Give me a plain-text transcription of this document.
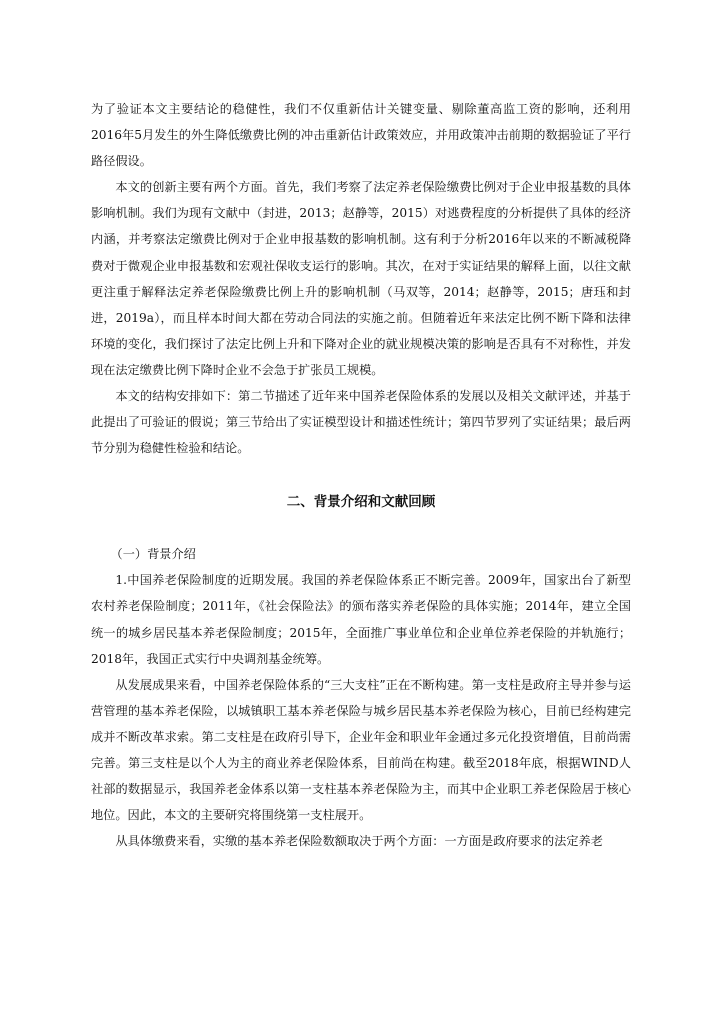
为了验证本文主要结论的稳健性，我们不仅重新估计关键变量、剔除董高监工资的影响，还利用2016年5月发生的外生降低缴费比例的冲击重新估计政策效应，并用政策冲击前期的数据验证了平行路径假设。

本文的创新主要有两个方面。首先，我们考察了法定养老保险缴费比例对于企业申报基数的具体影响机制。我们为现有文献中（封进，2013；赵静等，2015）对逃费程度的分析提供了具体的经济内涵，并考察法定缴费比例对于企业申报基数的影响机制。这有利于分析2016年以来的不断减税降费对于微观企业申报基数和宏观社保收支运行的影响。其次，在对于实证结果的解释上面，以往文献更注重于解释法定养老保险缴费比例上升的影响机制（马双等，2014；赵静等，2015；唐珏和封进，2019a），而且样本时间大都在劳动合同法的实施之前。但随着近年来法定比例不断下降和法律环境的变化，我们探讨了法定比例上升和下降对企业的就业规模决策的影响是否具有不对称性，并发现在法定缴费比例下降时企业不会急于扩张员工规模。

本文的结构安排如下：第二节描述了近年来中国养老保险体系的发展以及相关文献评述，并基于此提出了可验证的假说；第三节给出了实证模型设计和描述性统计；第四节罗列了实证结果；最后两节分别为稳健性检验和结论。

二、背景介绍和文献回顾
（一）背景介绍

1.中国养老保险制度的近期发展。我国的养老保险体系正不断完善。2009年，国家出台了新型农村养老保险制度；2011年，《社会保险法》的颁布落实养老保险的具体实施；2014年，建立全国统一的城乡居民基本养老保险制度；2015年，全面推广事业单位和企业单位养老保险的并轨施行；2018年，我国正式实行中央调剂基金统筹。

从发展成果来看，中国养老保险体系的“三大支柱”正在不断构建。第一支柱是政府主导并参与运营管理的基本养老保险，以城镇职工基本养老保险与城乡居民基本养老保险为核心，目前已经构建完成并不断改革求索。第二支柱是在政府引导下，企业年金和职业年金通过多元化投资增值，目前尚需完善。第三支柱是以个人为主的商业养老保险体系，目前尚在构建。截至2018年底，根据WIND人社部的数据显示，我国养老金体系以第一支柱基本养老保险为主，而其中企业职工养老保险居于核心地位。因此，本文的主要研究将围绕第一支柱展开。

从具体缴费来看，实缴的基本养老保险数额取决于两个方面：一方面是政府要求的法定养老
